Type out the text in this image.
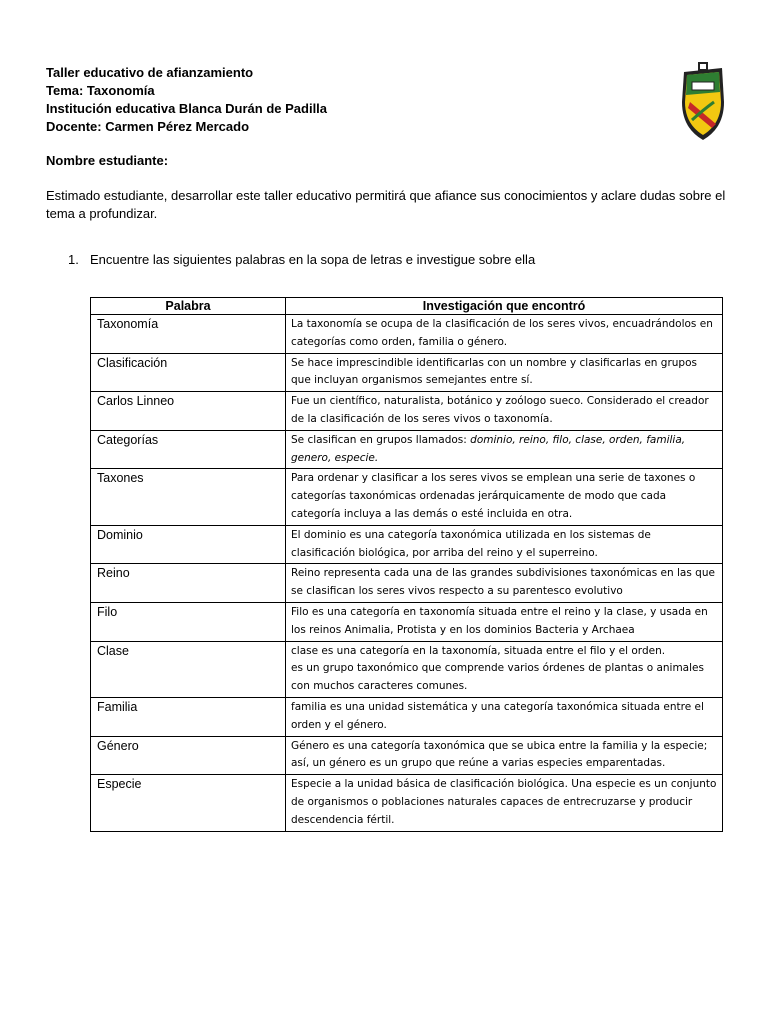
Taller educativo de afianzamiento
Tema: Taxonomía
Institución educativa Blanca Durán de Padilla
Docente: Carmen Pérez Mercado
Nombre estudiante:
Estimado estudiante, desarrollar este taller educativo permitirá que afiance sus conocimientos y aclare dudas sobre el tema a profundizar.
1. Encuentre las siguientes palabras en la sopa de letras e investigue sobre ella
Palabra	Investigación que encontró
Taxonomía	La taxonomía se ocupa de la clasificación de los seres vivos, encuadrándolos en categorías como orden, familia o género.
Clasificación	Se hace imprescindible identificarlas con un nombre y clasificarlas en grupos que incluyan organismos semejantes entre sí.
Carlos Linneo	Fue un científico, naturalista, botánico y zoólogo sueco. Considerado el creador de la clasificación de los seres vivos o taxonomía.
Categorías	Se clasifican en grupos llamados: dominio, reino, filo, clase, orden, familia, genero, especie.
Taxones	Para ordenar y clasificar a los seres vivos se emplean una serie de taxones o categorías taxonómicas ordenadas jerárquicamente de modo que cada categoría incluya a las demás o esté incluida en otra.
Dominio	El dominio es una categoría taxonómica utilizada en los sistemas de clasificación biológica, por arriba del reino y el superreino.
Reino	Reino representa cada una de las grandes subdivisiones taxonómicas en las que se clasifican los seres vivos respecto a su parentesco evolutivo
Filo	Filo es una categoría en taxonomía situada entre el reino y la clase, y usada en los reinos Animalia, Protista y en los dominios Bacteria y Archaea
Clase	clase es una categoría en la taxonomía, situada entre el filo y el orden.
es un grupo taxonómico que comprende varios órdenes de plantas o animales con muchos caracteres comunes.

Familia	familia es una unidad sistemática y una categoría taxonómica situada entre el orden y el género.
Género	Género es una categoría taxonómica que se ubica entre la familia y la especie; así, un género es un grupo que reúne a varias especies emparentadas.
Especie	Especie a la unidad básica de clasificación biológica. Una especie es un conjunto de organismos o poblaciones naturales capaces de entrecruzarse y producir descendencia fértil.
